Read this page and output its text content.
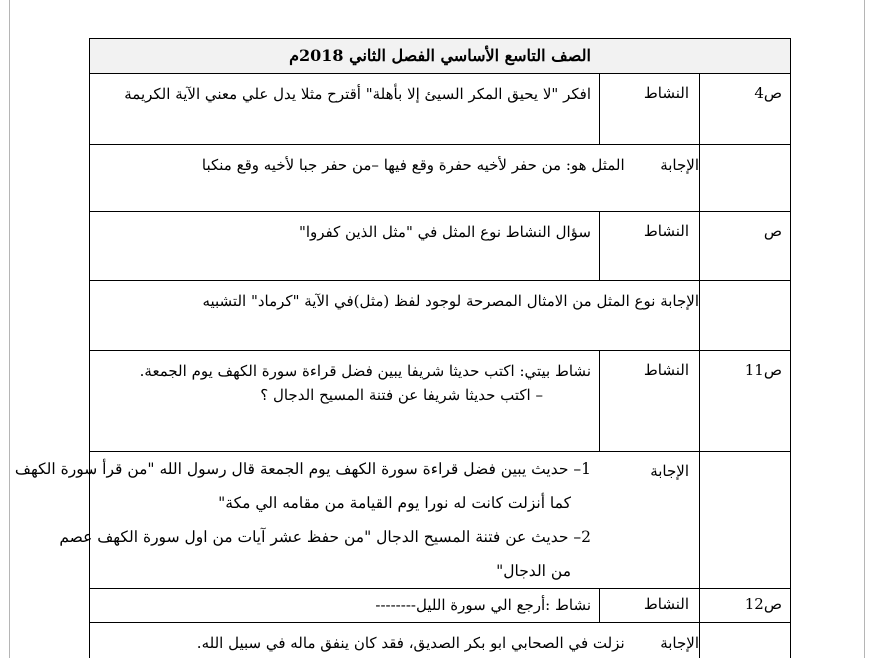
الصف التاسع الأساسي الفصل الثاني 2018م
ص4
النشاط
افكر "لا يحيق المكر السيئ إلا بأهلة" أقترح مثلا يدل علي معني الآية الكريمة
الإجابة  المثل هو: من حفر لأخيه حفرة وقع فيها –من حفر جبا لأخيه وقع منكبا
ص
النشاط
سؤال النشاط نوع المثل في "مثل الذين كفروا"
الإجابة نوع المثل من الامثال المصرحة لوجود لفظ (مثل)في الآية "كرماد" التشبيه
ص11
النشاط
نشاط بيتي: اكتب حديثا شريفا يبين فضل قراءة سورة الكهف يوم الجمعة.
– اكتب حديثا شريفا عن فتنة المسيح الدجال ؟
الإجابة
1– حديث يبين فضل قراءة سورة الكهف يوم الجمعة قال رسول الله "من قرأ سورة الكهف
كما أنزلت كانت له نورا يوم القيامة من مقامه الي مكة"
2– حديث عن فتنة المسيح الدجال "من حفظ عشر آيات من اول سورة الكهف عصم
من الدجال"
ص12
النشاط
نشاط :أرجع الي سورة الليل--------
الإجابة  نزلت في الصحابي ابو بكر الصديق، فقد كان ينفق ماله في سبيل الله.
